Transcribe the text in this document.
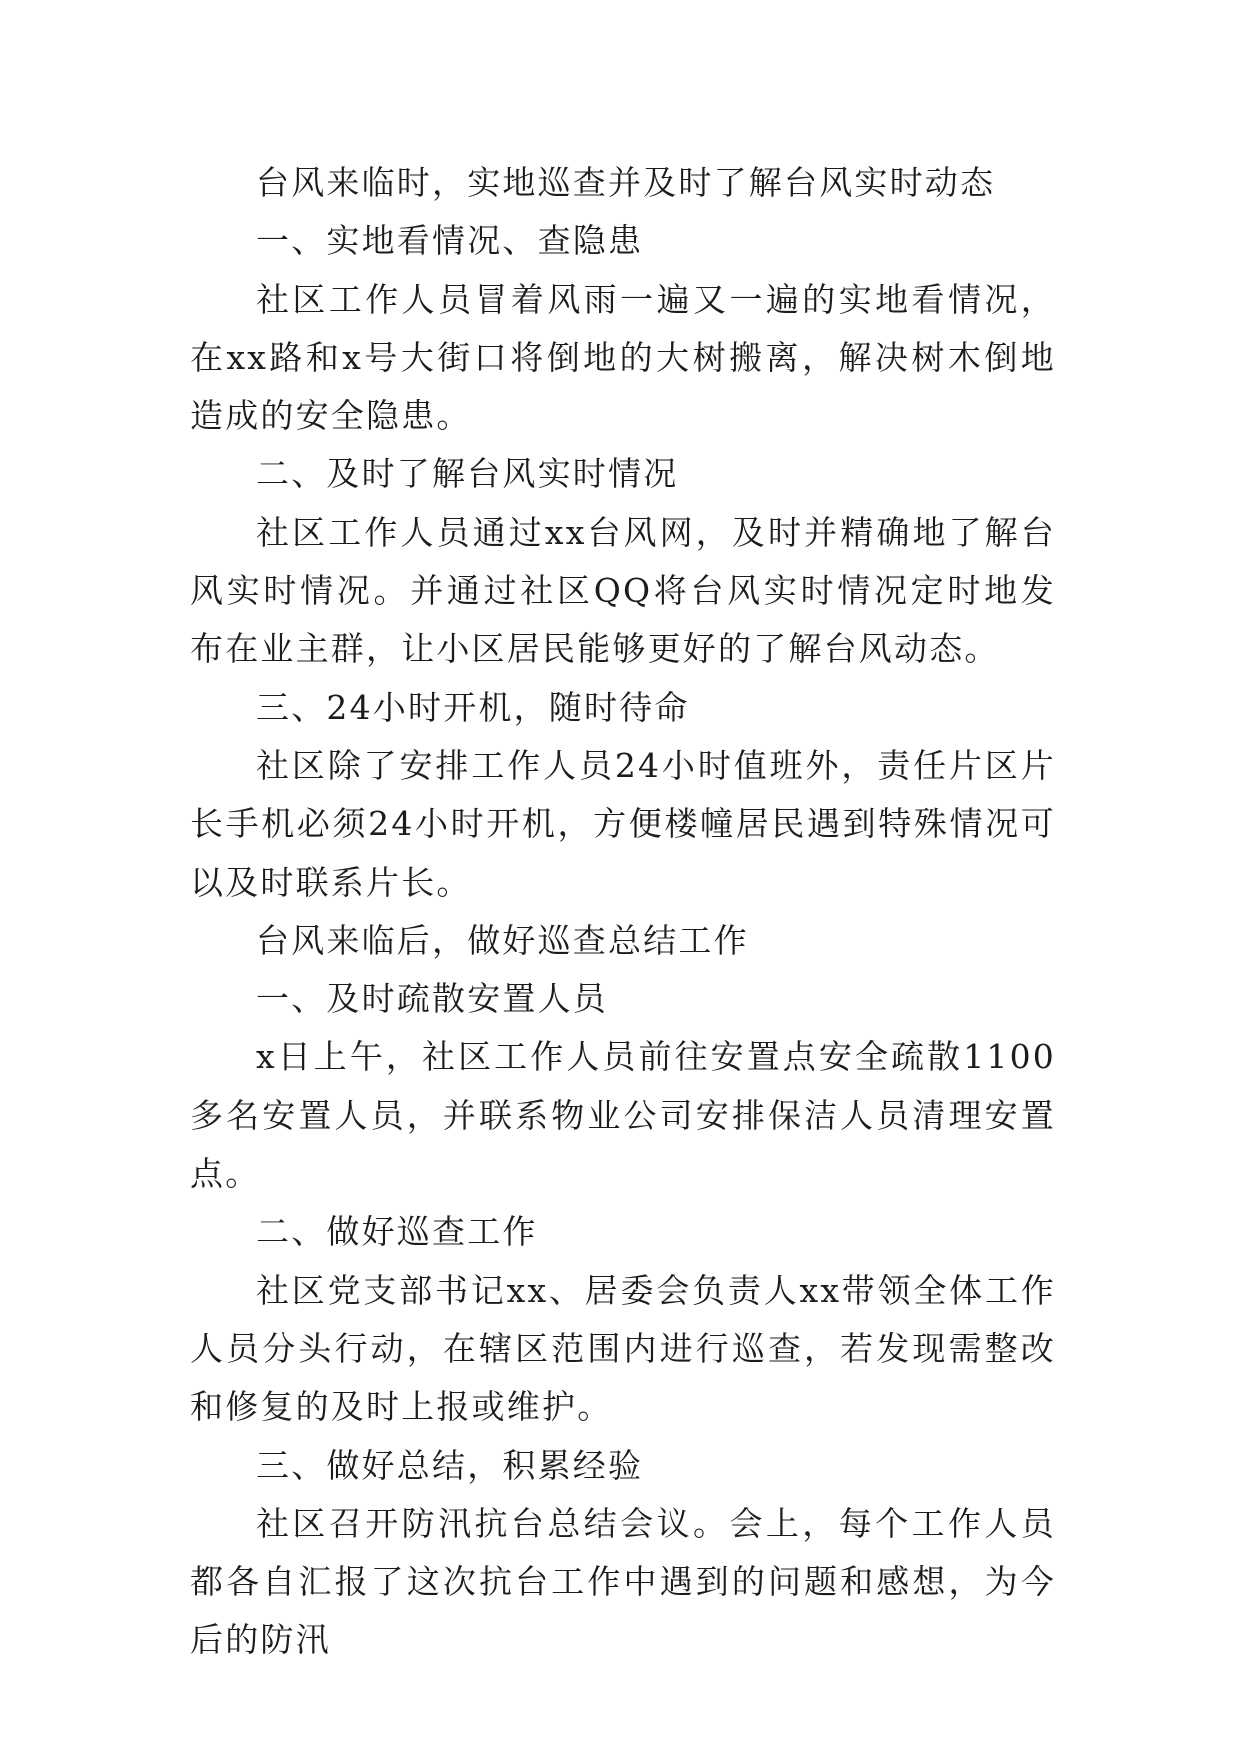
台风来临时，实地巡查并及时了解台风实时动态

一、实地看情况、查隐患

社区工作人员冒着风雨一遍又一遍的实地看情况，在xx路和x号大街口将倒地的大树搬离，解决树木倒地造成的安全隐患。

二、及时了解台风实时情况

社区工作人员通过xx台风网，及时并精确地了解台风实时情况。并通过社区QQ将台风实时情况定时地发布在业主群，让小区居民能够更好的了解台风动态。

三、24小时开机，随时待命

社区除了安排工作人员24小时值班外，责任片区片长手机必须24小时开机，方便楼幢居民遇到特殊情况可以及时联系片长。

台风来临后，做好巡查总结工作

一、及时疏散安置人员

x日上午，社区工作人员前往安置点安全疏散1100多名安置人员，并联系物业公司安排保洁人员清理安置点。

二、做好巡查工作

社区党支部书记xx、居委会负责人xx带领全体工作人员分头行动，在辖区范围内进行巡查，若发现需整改和修复的及时上报或维护。

三、做好总结，积累经验

社区召开防汛抗台总结会议。会上，每个工作人员都各自汇报了这次抗台工作中遇到的问题和感想，为今后的防汛
